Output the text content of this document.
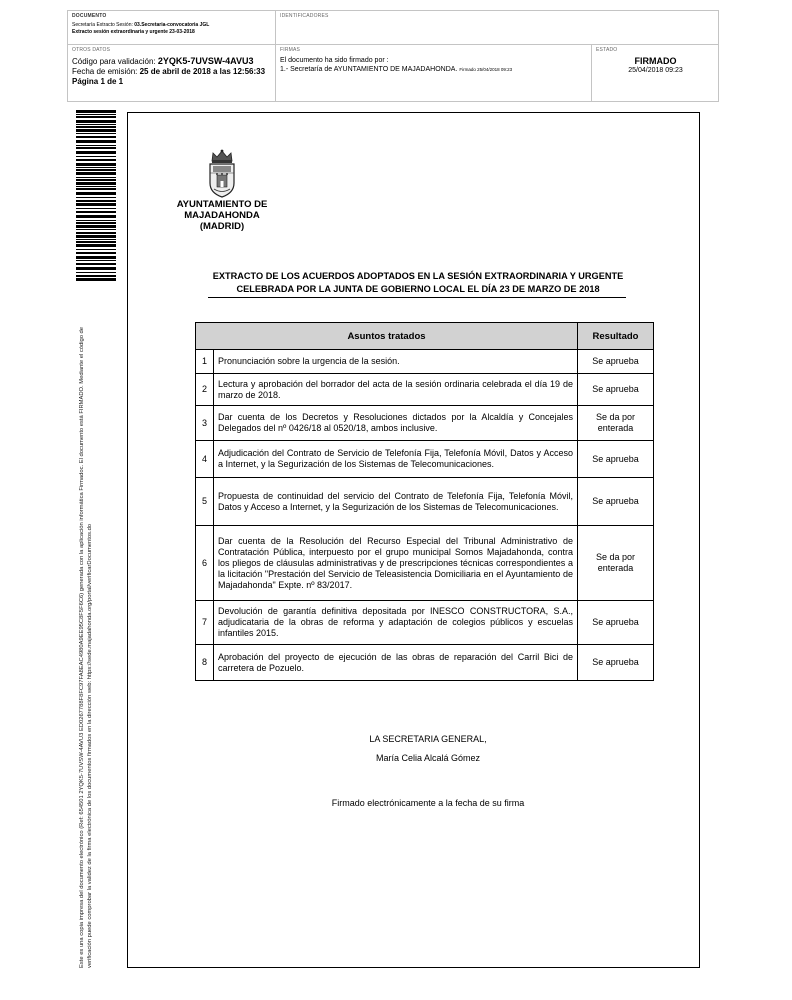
DOCUMENTO
Secretaría Extracto Sesión: 03.Secretaria-convocatoria JGL
Extracto sesión extraordinaria y urgente 23-03-2018
IDENTIFICADORES
OTROS DATOS
Código para validación: 2YQK5-7UVSW-4AVU3
Fecha de emisión: 25 de abril de 2018 a las 12:56:33
Página 1 de 1
FIRMAS
El documento ha sido firmado por :
1.- Secretaría de AYUNTAMIENTO DE MAJADAHONDA. Firmado 25/04/2018 09:23
ESTADO
FIRMADO
25/04/2018 09:23
Este es una copia impresa del documento electrónico (Ref: 654501 2YQK5-7UVSW-4AVU3 ED0267788F8FC97FA8EAC4980A9EE95C8F5F6C6) generada con la aplicación informática Firmadoc. El documento está FIRMADO. Mediante el código de verificación puede comprobar la validez de la firma electrónica de los documentos firmados en la dirección web: https://sede.majadahonda.org/portal/verificarDocumentos.do
AYUNTAMIENTO DE
MAJADAHONDA
(MADRID)
EXTRACTO DE LOS ACUERDOS ADOPTADOS EN LA SESIÓN EXTRAORDINARIA Y URGENTE
CELEBRADA POR LA JUNTA DE GOBIERNO LOCAL EL DÍA 23 DE MARZO DE 2018
Asuntos tratados		Resultado
1	Pronunciación sobre la urgencia de la sesión.	Se aprueba
2	Lectura y aprobación del borrador del acta de la sesión ordinaria celebrada el día 19 de marzo de 2018.	Se aprueba
3	Dar cuenta de los Decretos y Resoluciones dictados por la Alcaldía y Concejales Delegados del nº 0426/18 al 0520/18, ambos inclusive.	Se da por enterada
4	Adjudicación del Contrato de Servicio de Telefonía Fija, Telefonía Móvil, Datos y Acceso a Internet, y la Segurización de los Sistemas de Telecomunicaciones.	Se aprueba
5	Propuesta de continuidad del servicio del Contrato de Telefonía Fija, Telefonía Móvil, Datos y Acceso a Internet, y la Segurización de los Sistemas de Telecomunicaciones.	Se aprueba
6	Dar cuenta de la Resolución del Recurso Especial del Tribunal Administrativo de Contratación Pública, interpuesto por el grupo municipal Somos Majadahonda, contra los pliegos de cláusulas administrativas y de prescripciones técnicas correspondientes a la licitación "Prestación del Servicio de Teleasistencia Domiciliaria en el Ayuntamiento de Majadahonda" Expte. nº 83/2017.	Se da por enterada
7	Devolución de garantía definitiva depositada por INESCO CONSTRUCTORA, S.A., adjudicataria de la obras de reforma y adaptación de colegios públicos y escuelas infantiles 2015.	Se aprueba
8	Aprobación del proyecto de ejecución de las obras de reparación del Carril Bici de carretera de Pozuelo.	Se aprueba
LA SECRETARIA GENERAL,
María Celia Alcalá Gómez
Firmado electrónicamente a la fecha de su firma
